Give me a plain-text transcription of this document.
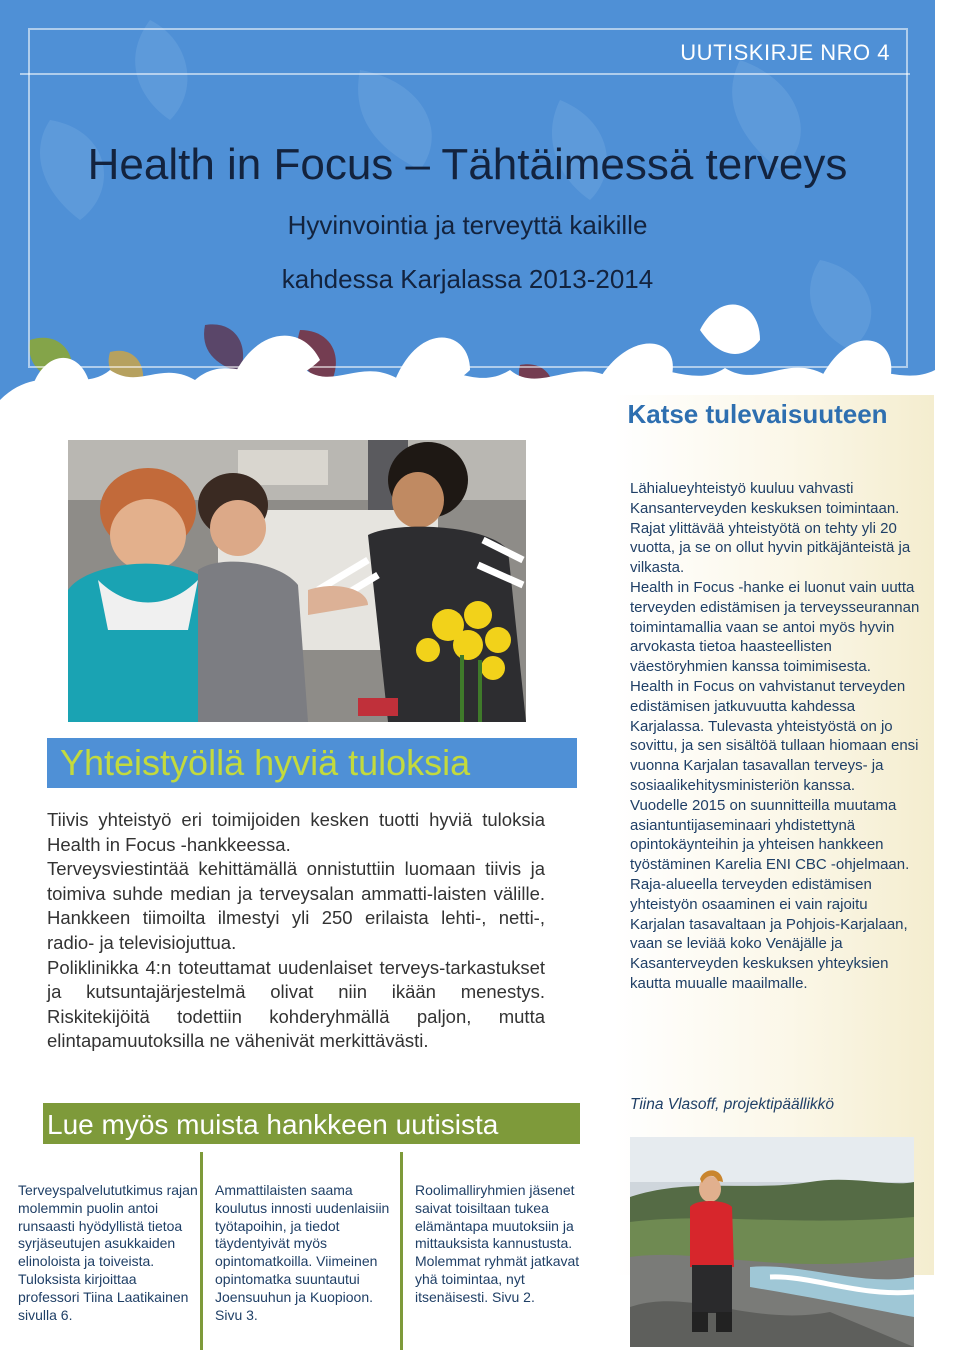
UUTISKIRJE NRO 4
Health in Focus – Tähtäimessä terveys
Hyvinvointia ja terveyttä kaikille
kahdessa Karjalassa 2013-2014
Katse tulevaisuuteen

Lähialueyhteistyö kuuluu vahvasti Kansanterveyden keskuksen toimintaan. Rajat ylittävää yhteistyötä on tehty yli 20 vuotta, ja se on ollut hyvin pitkäjänteistä ja vilkasta.

Health in Focus -hanke ei luonut vain uutta terveyden edistämisen ja terveysseurannan toimintamallia vaan se antoi myös hyvin arvokasta tietoa haasteellisten väestöryhmien kanssa toimimisesta.

Health in Focus on vahvistanut terveyden edistämisen jatkuvuutta kahdessa Karjalassa. Tulevasta yhteistyöstä on jo sovittu, ja sen sisältöä tullaan hiomaan ensi vuonna Karjalan tasavallan terveys- ja sosiaalikehitysministeriön kanssa.

Vuodelle 2015 on suunnitteilla muutama asiantuntijaseminaari yhdistettynä opintokäynteihin ja yhteisen hankkeen työstäminen Karelia ENI CBC -ohjelmaan.

Raja-alueella terveyden edistämisen yhteistyön osaaminen ei vain rajoitu Karjalan tasavaltaan ja Pohjois-Karjalaan, vaan se leviää koko Venäjälle ja Kasanterveyden keskuksen yhteyksien kautta muualle maailmalle.

Tiina Vlasoff, projektipäällikkö
Yhteistyöllä hyviä tuloksia

Tiivis yhteistyö eri toimijoiden kesken tuotti hyviä tuloksia Health in Focus -hankkeessa.

Terveysviestintää kehittämällä onnistuttiin luomaan tiivis ja toimiva suhde median ja terveysalan ammatti-laisten välille. Hankkeen tiimoilta ilmestyi yli 250 erilaista lehti-, netti-, radio- ja televisiojuttua.

Poliklinikka 4:n toteuttamat uudenlaiset terveys-tarkastukset ja kutsuntajärjestelmä olivat niin ikään menestys. Riskitekijöitä todettiin kohderyhmällä paljon, mutta elintapamuutoksilla ne vähenivät merkittävästi.

Lue myös muista hankkeen uutisista
Terveyspalvelututkimus rajan molemmin puolin antoi runsaasti hyödyllistä tietoa syrjäseutujen asukkaiden elinoloista ja toiveista. Tuloksista kirjoittaa professori Tiina Laatikainen sivulla 6.
Ammattilaisten saama koulutus innosti uudenlaisiin työtapoihin, ja tiedot täydentyivät myös opintomatkoilla. Viimeinen opintomatka suuntautui Joensuuhun ja Kuopioon. Sivu 3.
Roolimalliryhmien jäsenet saivat toisiltaan tukea elämäntapa muutoksiin ja mittauksista kannustusta. Molemmat ryhmät jatkavat yhä toimintaa, nyt itsenäisesti. Sivu 2.
